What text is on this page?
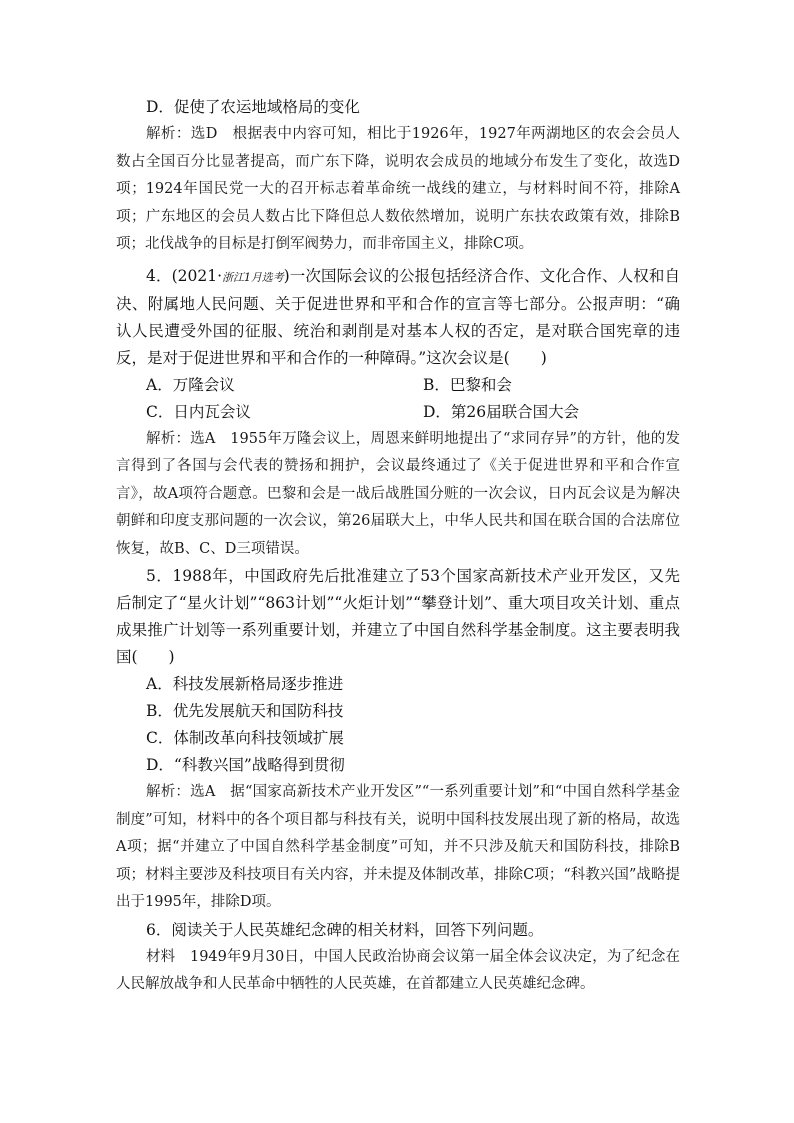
D．促使了农运地域格局的变化

解析：选D　根据表中内容可知，相比于1926年，1927年两湖地区的农会会员人数占全国百分比显著提高，而广东下降，说明农会成员的地域分布发生了变化，故选D项；1924年国民党一大的召开标志着革命统一战线的建立，与材料时间不符，排除A项；广东地区的会员人数占比下降但总人数依然增加，说明广东扶农政策有效，排除B项；北伐战争的目标是打倒军阀势力，而非帝国主义，排除C项。

4．(2021·浙江1月选考)一次国际会议的公报包括经济合作、文化合作、人权和自决、附属地人民问题、关于促进世界和平和合作的宣言等七部分。公报声明：“确认人民遭受外国的征服、统治和剥削是对基本人权的否定，是对联合国宪章的违反，是对于促进世界和平和合作的一种障碍。”这次会议是(　　)

A．万隆会议	B．巴黎和会
C．日内瓦会议	D．第26届联合国大会

解析：选A　1955年万隆会议上，周恩来鲜明地提出了“求同存异”的方针，他的发言得到了各国与会代表的赞扬和拥护，会议最终通过了《关于促进世界和平和合作宣言》，故A项符合题意。巴黎和会是一战后战胜国分赃的一次会议，日内瓦会议是为解决朝鲜和印度支那问题的一次会议，第26届联大上，中华人民共和国在联合国的合法席位恢复，故B、C、D三项错误。

5．1988年，中国政府先后批准建立了53个国家高新技术产业开发区，又先后制定了“星火计划”“863计划”“火炬计划”“攀登计划”、重大项目攻关计划、重点成果推广计划等一系列重要计划，并建立了中国自然科学基金制度。这主要表明我国(　　)

A．科技发展新格局逐步推进

B．优先发展航天和国防科技

C．体制改革向科技领域扩展

D．“科教兴国”战略得到贯彻

解析：选A　据“国家高新技术产业开发区”“一系列重要计划”和“中国自然科学基金制度”可知，材料中的各个项目都与科技有关，说明中国科技发展出现了新的格局，故选A项；据“并建立了中国自然科学基金制度”可知，并不只涉及航天和国防科技，排除B项；材料主要涉及科技项目有关内容，并未提及体制改革，排除C项；“科教兴国”战略提出于1995年，排除D项。

6．阅读关于人民英雄纪念碑的相关材料，回答下列问题。

材料　1949年9月30日，中国人民政治协商会议第一届全体会议决定，为了纪念在人民解放战争和人民革命中牺牲的人民英雄，在首都建立人民英雄纪念碑。
